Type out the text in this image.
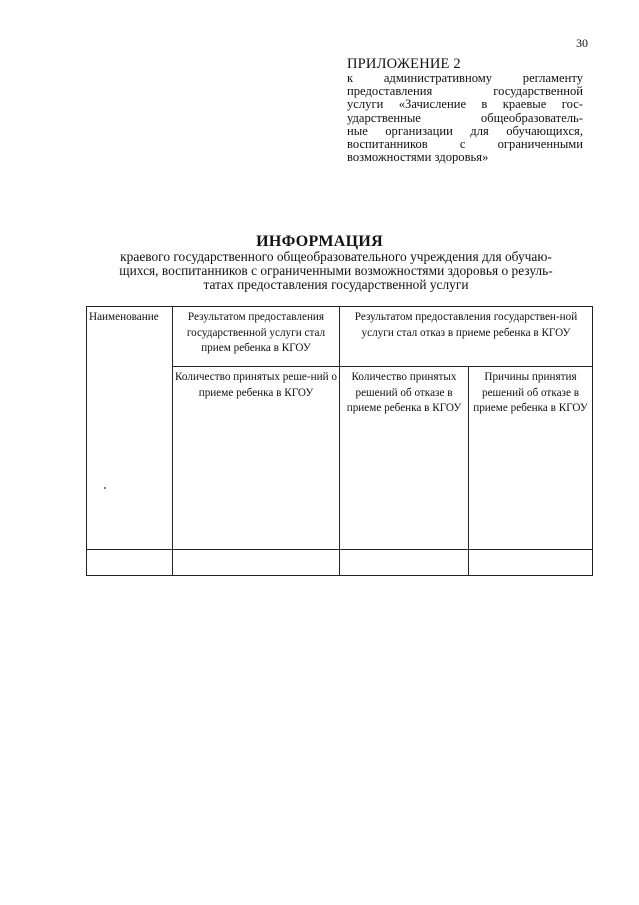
30
ПРИЛОЖЕНИЕ 2
к административному регламенту
предоставления государственной
услуги «Зачисление в краевые гос-
ударственные общеобразователь-
ные организации для обучающихся,
воспитанников с ограниченными
возможностями здоровья»
ИНФОРМАЦИЯ
краевого государственного общеобразовательного учреждения для обучаю-
щихся, воспитанников с ограниченными возможностями здоровья о резуль-
татах предоставления государственной услуги
Наименование	Результатом предоставления государственной услуги стал прием ребенка в КГОУ	Результатом предоставления государствен-ной услуги стал отказ в приеме ребенка в КГОУ	
	Количество принятых реше-ний о приеме ребенка в КГОУ	Количество принятых решений об отказе в приеме ребенка в КГОУ	Причины принятия решений об отказе в приеме ребенка в КГОУ
